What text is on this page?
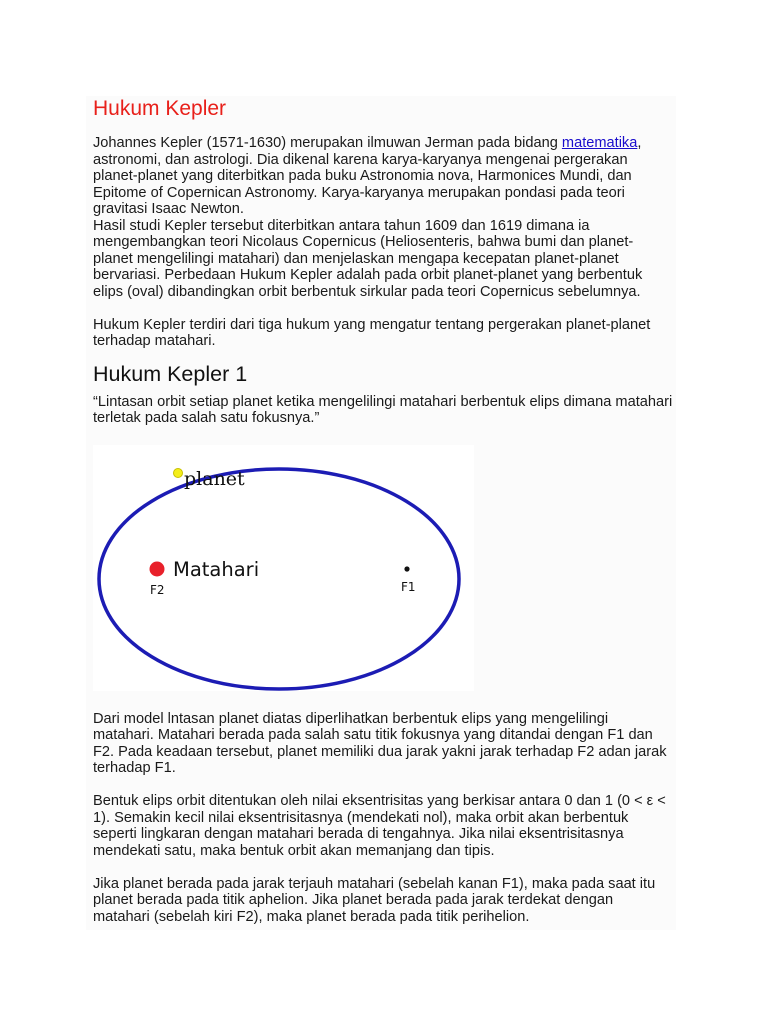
Hukum Kepler

Johannes Kepler (1571-1630) merupakan ilmuwan Jerman pada bidang matematika, astronomi, dan astrologi. Dia dikenal karena karya-karyanya mengenai pergerakan planet-planet yang diterbitkan pada buku Astronomia nova, Harmonices Mundi, dan Epitome of Copernican Astronomy. Karya-karyanya merupakan pondasi pada teori gravitasi Isaac Newton.

Hasil studi Kepler tersebut diterbitkan antara tahun 1609 dan 1619 dimana ia mengembangkan teori Nicolaus Copernicus (Heliosenteris, bahwa bumi dan planet-planet mengelilingi matahari) dan menjelaskan mengapa kecepatan planet-planet bervariasi. Perbedaan Hukum Kepler adalah pada orbit planet-planet yang berbentuk elips (oval) dibandingkan orbit berbentuk sirkular pada teori Copernicus sebelumnya.

Hukum Kepler terdiri dari tiga hukum yang mengatur tentang pergerakan planet-planet terhadap matahari.

Hukum Kepler 1

“Lintasan orbit setiap planet ketika mengelilingi matahari berbentuk elips dimana matahari terletak pada salah satu fokusnya.”

planet
Matahari
F2	F1

Dari model lntasan planet diatas diperlihatkan berbentuk elips yang mengelilingi matahari. Matahari berada pada salah satu titik fokusnya yang ditandai dengan F1 dan F2. Pada keadaan tersebut, planet memiliki dua jarak yakni jarak terhadap F2 adan jarak terhadap F1.

Bentuk elips orbit ditentukan oleh nilai eksentrisitas yang berkisar antara 0 dan 1 (0 < ε < 1). Semakin kecil nilai eksentrisitasnya (mendekati nol), maka orbit akan berbentuk seperti lingkaran dengan matahari berada di tengahnya. Jika nilai eksentrisitasnya mendekati satu, maka bentuk orbit akan memanjang dan tipis.

Jika planet berada pada jarak terjauh matahari (sebelah kanan F1), maka pada saat itu planet berada pada titik aphelion. Jika planet berada pada jarak terdekat dengan matahari (sebelah kiri F2), maka planet berada pada titik perihelion.
